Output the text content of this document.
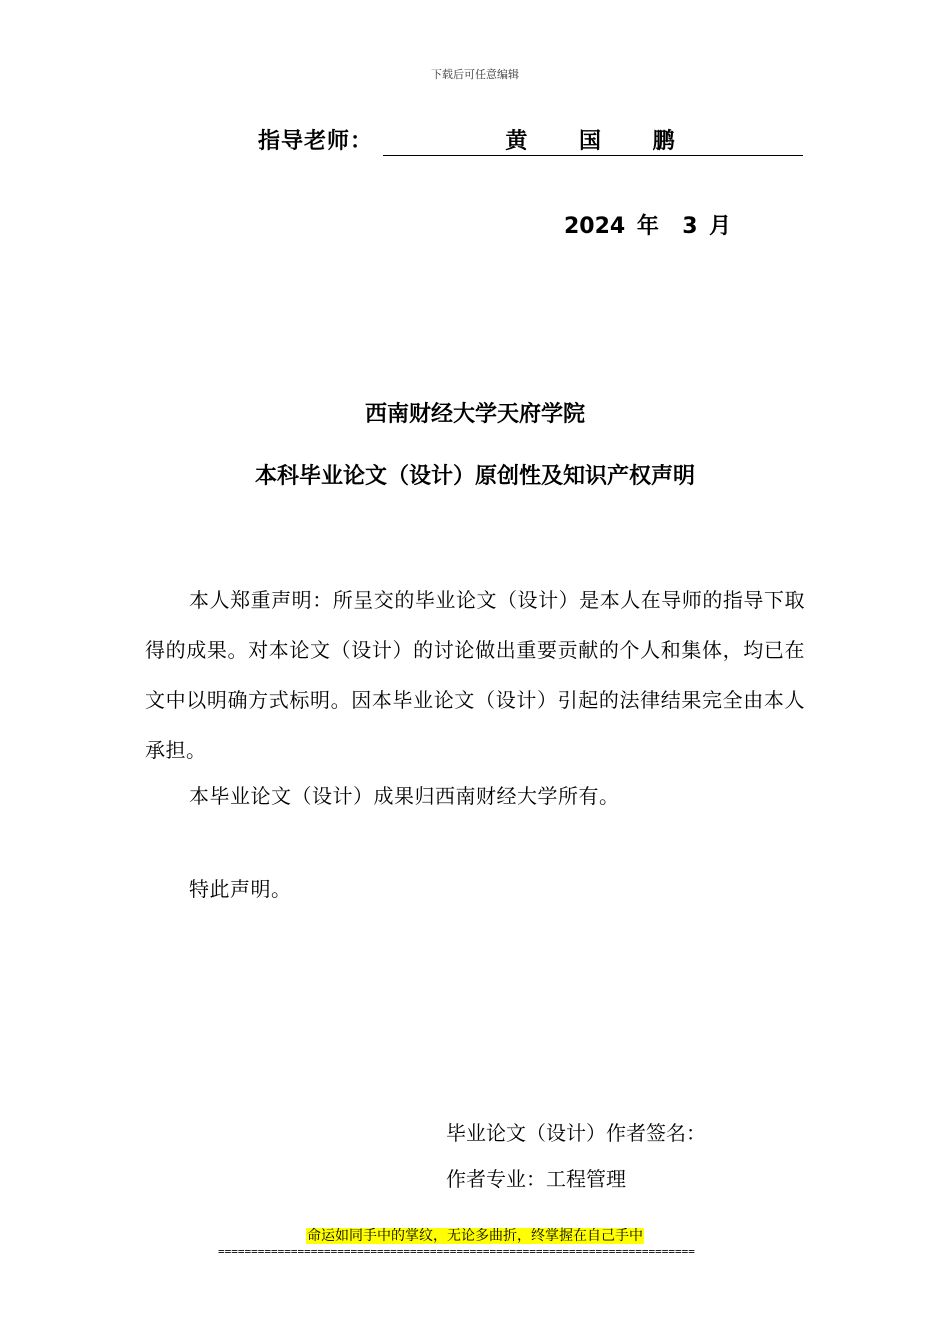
下载后可任意编辑
指导老师：	黄 国 鹏
2024 年  3 月
西南财经大学天府学院
本科毕业论文（设计）原创性及知识产权声明

本人郑重声明：所呈交的毕业论文（设计）是本人在导师的指导下取得的成果。对本论文（设计）的讨论做出重要贡献的个人和集体，均已在文中以明确方式标明。因本毕业论文（设计）引起的法律结果完全由本人承担。

本毕业论文（设计）成果归西南财经大学所有。

特此声明。

毕业论文（设计）作者签名：
作者专业：工程管理
命运如同手中的掌纹，无论多曲折，终掌握在自己手中
========================================================================
